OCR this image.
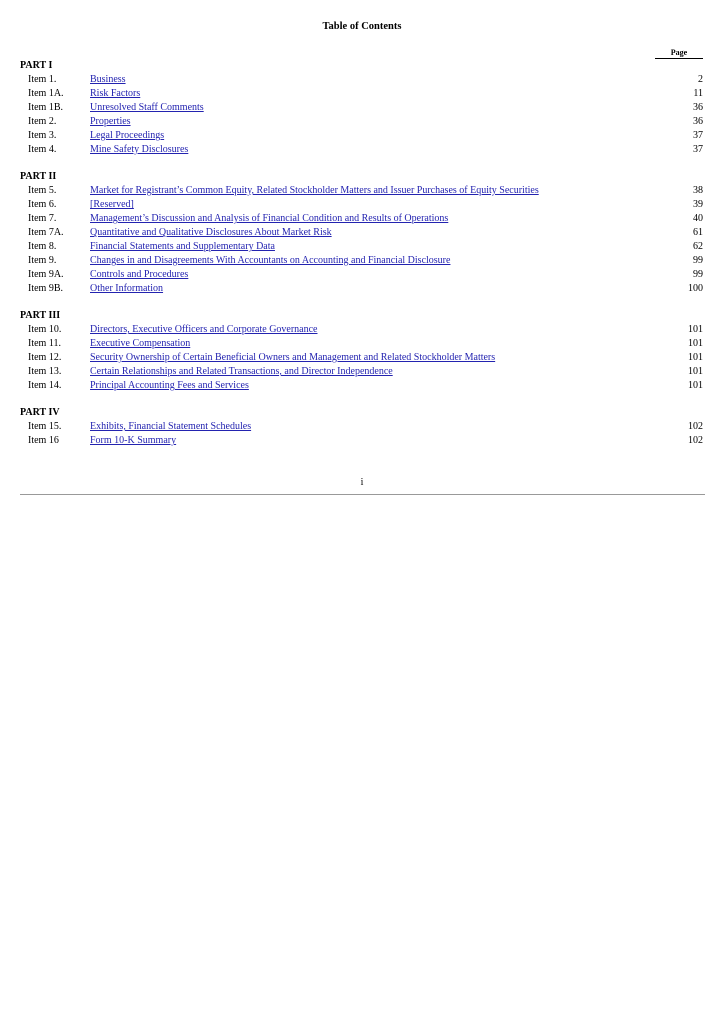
Table of Contents
Page
PART I
Item 1.	Business	2
Item 1A.	Risk Factors	11
Item 1B.	Unresolved Staff Comments	36
Item 2.	Properties	36
Item 3.	Legal Proceedings	37
Item 4.	Mine Safety Disclosures	37
PART II
Item 5.	Market for Registrant’s Common Equity, Related Stockholder Matters and Issuer Purchases of Equity Securities	38
Item 6.	[Reserved]	39
Item 7.	Management’s Discussion and Analysis of Financial Condition and Results of Operations	40
Item 7A.	Quantitative and Qualitative Disclosures About Market Risk	61
Item 8.	Financial Statements and Supplementary Data	62
Item 9.	Changes in and Disagreements With Accountants on Accounting and Financial Disclosure	99
Item 9A.	Controls and Procedures	99
Item 9B.	Other Information	100
PART III
Item 10.	Directors, Executive Officers and Corporate Governance	101
Item 11.	Executive Compensation	101
Item 12.	Security Ownership of Certain Beneficial Owners and Management and Related Stockholder Matters	101
Item 13.	Certain Relationships and Related Transactions, and Director Independence	101
Item 14.	Principal Accounting Fees and Services	101
PART IV
Item 15.	Exhibits, Financial Statement Schedules	102
Item 16	Form 10-K Summary	102
i
